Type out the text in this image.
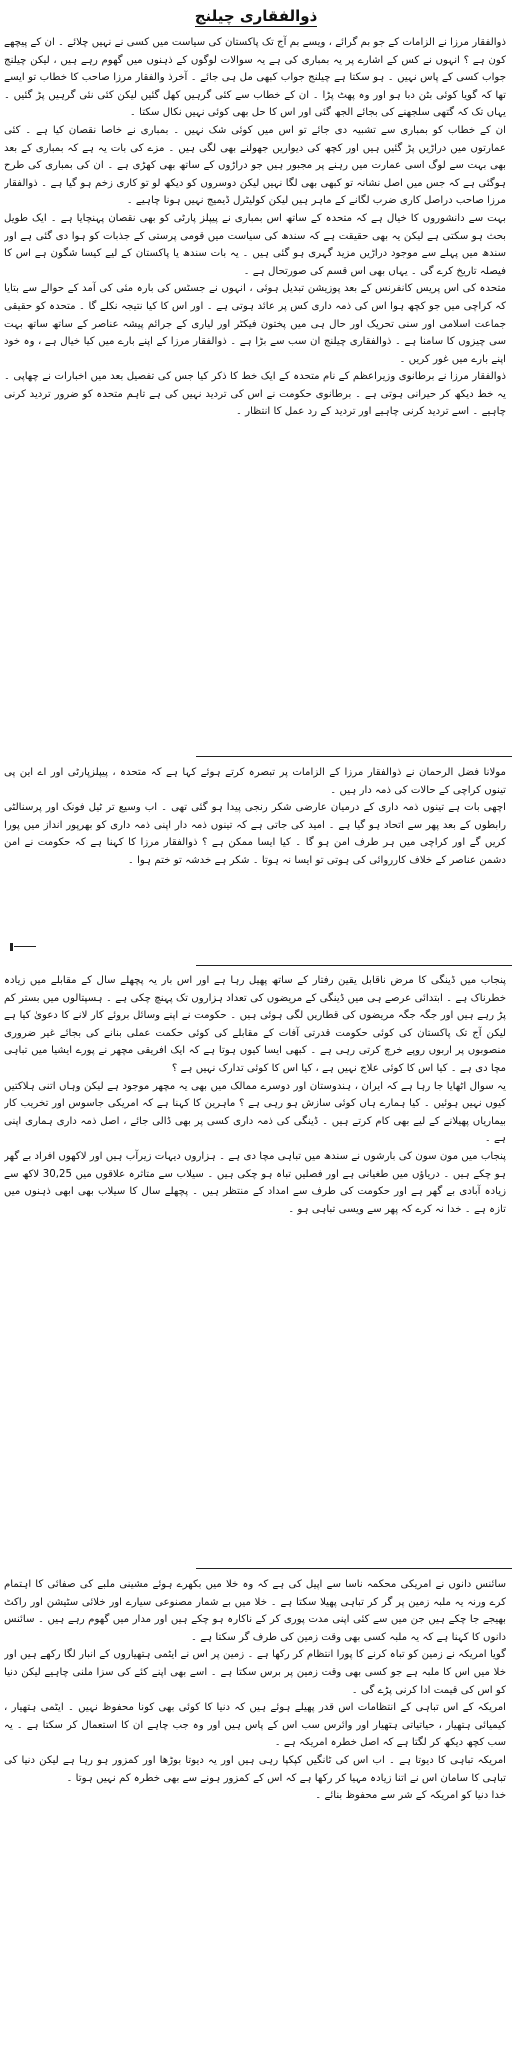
ذوالفقاری چیلنج

ذوالفقار مرزا نے الزامات کے جو بم گرائے ، ویسے بم آج تک پاکستان کی سیاست میں کسی نے نہیں چلائے ۔ ان کے پیچھے کون ہے ؟ انہوں نے کس کے اشارے پر یہ بمباری کی ہے یہ سوالات لوگوں کے ذہنوں میں گھوم رہے ہیں ، لیکن چیلنج جواب کسی کے پاس نہیں ۔ ہو سکتا ہے چیلنج جواب کبھی مل ہی جائے ۔ آخرذ والفقار مرزا صاحب کا خطاب تو ایسے تھا کہ گویا کوئی بٹن دبا ہو اور وہ پھٹ پڑا ۔ ان کے خطاب سے کئی گرہیں کھل گئیں لیکن کئی نئی گرہیں پڑ گئیں ۔ یہاں تک کہ گتھی سلجھنے کی بجائے الجھ گئی اور اس کا حل بھی کوئی نہیں نکال سکتا ۔

ان کے خطاب کو بمباری سے تشبیہ دی جائے تو اس میں کوئی شک نہیں ۔ بمباری نے خاصا نقصان کیا ہے ۔ کئی عمارتوں میں دراڑیں پڑ گئیں ہیں اور کچھ کی دیواریں جھولنے بھی لگی ہیں ۔ مزے کی بات یہ ہے کہ بمباری کے بعد بھی بہت سے لوگ اسی عمارت میں رہنے پر مجبور ہیں جو دراڑوں کے ساتھ بھی کھڑی ہے ۔ ان کی بمباری کی طرح ہوگئی ہے کہ جس میں اصل نشانہ تو کبھی بھی لگا نہیں لیکن دوسروں کو دیکھ لو تو کاری زخم ہو گیا ہے ۔ ذوالفقار مرزا صاحب دراصل کاری ضرب لگانے کے ماہر ہیں لیکن کولیٹرل ڈیمیج نہیں ہونا چاہیے ۔

بہت سے دانشوروں کا خیال ہے کہ متحدہ کے ساتھ اس بمباری نے پیپلز پارٹی کو بھی نقصان پہنچایا ہے ۔ ایک طویل بحث ہو سکتی ہے لیکن یہ بھی حقیقت ہے کہ سندھ کی سیاست میں قومی پرستی کے جذبات کو ہوا دی گئی ہے اور سندھ میں پہلے سے موجود دراڑیں مزید گہری ہو گئی ہیں ۔ یہ بات سندھ یا پاکستان کے لیے کیسا شگون ہے اس کا فیصلہ تاریخ کرے گی ۔ یہاں بھی اس قسم کی صورتحال ہے ۔

متحدہ کی اس پریس کانفرنس کے بعد پوزیشن تبدیل ہوئی ، انہوں نے جسٹس کی بارہ مئی کی آمد کے حوالے سے بتایا کہ کراچی میں جو کچھ ہوا اس کی ذمہ داری کس پر عائد ہوتی ہے ۔ اور اس کا کیا نتیجہ نکلے گا ۔ متحدہ کو حقیقی جماعت اسلامی اور سنی تحریک اور حال ہی میں پختون فیکٹر اور لیاری کے جرائم پیشہ عناصر کے ساتھ ساتھ بہت سی چیزوں کا سامنا ہے ۔ ذوالفقاری چیلنج ان سب سے بڑا ہے ۔ ذوالفقار مرزا کے اپنے بارے میں کیا خیال ہے ، وہ خود اپنے بارے میں غور کریں ۔

ذوالفقار مرزا نے برطانوی وزیراعظم کے نام متحدہ کے ایک خط کا ذکر کیا جس کی تفصیل بعد میں اخبارات نے چھاپی ۔ یہ خط دیکھ کر حیرانی ہوتی ہے ۔ برطانوی حکومت نے اس کی تردید نہیں کی ہے تاہم متحدہ کو ضرور تردید کرنی چاہیے ۔ اسے تردید کرنی چاہیے اور تردید کے رد عمل کا انتظار ۔

مولانا فضل الرحمان نے ذوالفقار مرزا کے الزامات پر تبصرہ کرتے ہوئے کہا ہے کہ متحدہ ، پیپلزپارٹی اور اے این پی تینوں کراچی کے حالات کی ذمہ دار ہیں ۔

اچھی بات ہے تینوں ذمہ داری کے درمیان عارضی شکر رنجی پیدا ہو گئی تھی ۔ اب وسیع تر ٹیل فونک اور پرسنالٹی رابطوں کے بعد پھر سے اتحاد ہو گیا ہے ۔ امید کی جاتی ہے کہ تینوں ذمہ دار اپنی ذمہ داری کو بھرپور انداز میں پورا کریں گے اور کراچی میں ہر طرف امن ہو گا ۔ کیا ایسا ممکن ہے ؟ ذوالفقار مرزا کا کہنا ہے کہ حکومت نے امن دشمن عناصر کے خلاف کارروائی کی ہوتی تو ایسا نہ ہوتا ۔ شکر ہے خدشہ تو ختم ہوا ۔

پنجاب میں ڈینگی کا مرض ناقابل یقین رفتار کے ساتھ پھیل رہا ہے اور اس بار یہ پچھلے سال کے مقابلے میں زیادہ خطرناک ہے ۔ ابتدائی عرصے ہی میں ڈینگی کے مریضوں کی تعداد ہزاروں تک پہنچ چکی ہے ۔ ہسپتالوں میں بستر کم پڑ رہے ہیں اور جگہ جگہ مریضوں کی قطاریں لگی ہوئی ہیں ۔ حکومت نے اپنے وسائل بروئے کار لانے کا دعویٰ کیا ہے لیکن آج تک پاکستان کی کوئی حکومت قدرتی آفات کے مقابلے کی کوئی حکمت عملی بنانے کی بجائے غیر ضروری منصوبوں پر اربوں روپے خرچ کرتی رہی ہے ۔ کبھی ایسا کیوں ہوتا ہے کہ ایک افریقی مچھر نے پورے ایشیا میں تباہی مچا دی ہے ۔ کیا اس کا کوئی علاج نہیں ہے ، کیا اس کا کوئی تدارک نہیں ہے ؟

یہ سوال اٹھایا جا رہا ہے کہ ایران ، ہندوستان اور دوسرے ممالک میں بھی یہ مچھر موجود ہے لیکن وہاں اتنی ہلاکتیں کیوں نہیں ہوئیں ۔ کیا ہمارے ہاں کوئی سازش ہو رہی ہے ؟ ماہرین کا کہنا ہے کہ امریکی جاسوس اور تخریب کار بیماریاں پھیلانے کے لیے بھی کام کرتے ہیں ۔ ڈینگی کی ذمہ داری کسی پر بھی ڈالی جائے ، اصل ذمہ داری ہماری اپنی ہے ۔

پنجاب میں مون سون کی بارشوں نے سندھ میں تباہی مچا دی ہے ۔ ہزاروں دیہات زیرآب ہیں اور لاکھوں افراد بے گھر ہو چکے ہیں ۔ دریاؤں میں طغیانی ہے اور فصلیں تباہ ہو چکی ہیں ۔ سیلاب سے متاثرہ علاقوں میں 30,25 لاکھ سے زیادہ آبادی بے گھر ہے اور حکومت کی طرف سے امداد کے منتظر ہیں ۔ پچھلے سال کا سیلاب بھی ابھی ذہنوں میں تازہ ہے ۔ خدا نہ کرے کہ پھر سے ویسی تباہی ہو ۔

سائنس دانوں نے امریکی محکمہ ناسا سے اپیل کی ہے کہ وہ خلا میں بکھرے ہوئے مشینی ملبے کی صفائی کا اہتمام کرے ورنہ یہ ملبہ زمین پر گر کر تباہی پھیلا سکتا ہے ۔ خلا میں بے شمار مصنوعی سیارے اور خلائی سٹیشن اور راکٹ بھیجے جا چکے ہیں جن میں سے کئی اپنی مدت پوری کر کے ناکارہ ہو چکے ہیں اور مدار میں گھوم رہے ہیں ۔ سائنس دانوں کا کہنا ہے کہ یہ ملبہ کسی بھی وقت زمین کی طرف گر سکتا ہے ۔

گویا امریکہ نے زمین کو تباہ کرنے کا پورا انتظام کر رکھا ہے ۔ زمین پر اس نے ایٹمی ہتھیاروں کے انبار لگا رکھے ہیں اور خلا میں اس کا ملبہ ہے جو کسی بھی وقت زمین پر برس سکتا ہے ۔ اسے بھی اپنے کئے کی سزا ملنی چاہیے لیکن دنیا کو اس کی قیمت ادا کرنی پڑے گی ۔

امریکہ کے اس تباہی کے انتظامات اس قدر پھیلے ہوئے ہیں کہ دنیا کا کوئی بھی کونا محفوظ نہیں ۔ ایٹمی ہتھیار ، کیمیائی ہتھیار ، حیاتیاتی ہتھیار اور وائرس سب اس کے پاس ہیں اور وہ جب چاہے ان کا استعمال کر سکتا ہے ۔ یہ سب کچھ دیکھ کر لگتا ہے کہ اصل خطرہ امریکہ ہے ۔

امریکہ تباہی کا دیوتا ہے ۔ اب اس کی ٹانگیں کپکپا رہی ہیں اور یہ دیوتا بوڑھا اور کمزور ہو رہا ہے لیکن دنیا کی تباہی کا سامان اس نے اتنا زیادہ مہیا کر رکھا ہے کہ اس کے کمزور ہونے سے بھی خطرہ کم نہیں ہوتا ۔

خدا دنیا کو امریکہ کے شر سے محفوظ بنائے ۔
